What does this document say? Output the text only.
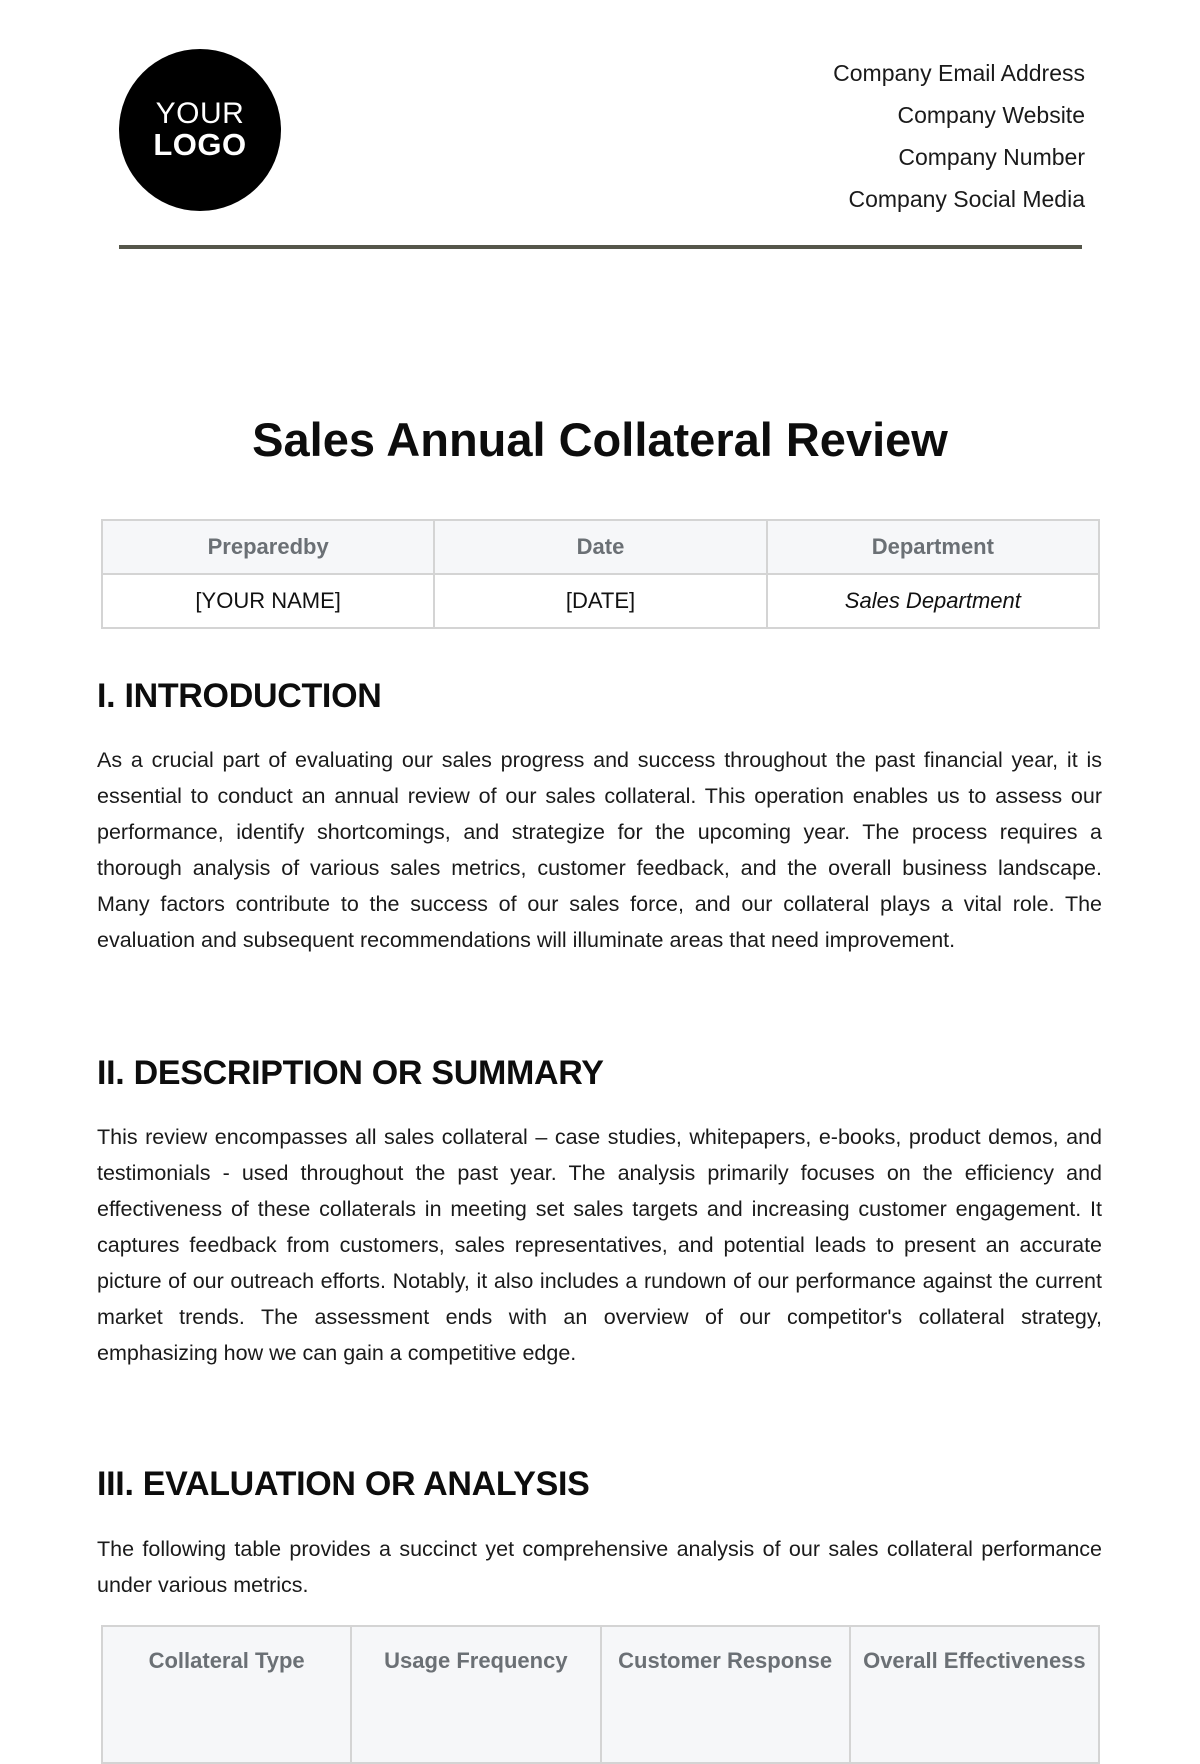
YOUR
LOGO
Company Email Address
Company Website
Company Number
Company Social Media
Sales Annual Collateral Review
Preparedby	Date	Department
[YOUR NAME]	[DATE]	Sales Department
I. INTRODUCTION

As a crucial part of evaluating our sales progress and success throughout the past financial year, it is essential to conduct an annual review of our sales collateral. This operation enables us to assess our performance, identify shortcomings, and strategize for the upcoming year. The process requires a thorough analysis of various sales metrics, customer feedback, and the overall business landscape. Many factors contribute to the success of our sales force, and our collateral plays a vital role. The evaluation and subsequent recommendations will illuminate areas that need improvement.

II. DESCRIPTION OR SUMMARY

This review encompasses all sales collateral – case studies, whitepapers, e-books, product demos, and testimonials - used throughout the past year. The analysis primarily focuses on the efficiency and effectiveness of these collaterals in meeting set sales targets and increasing customer engagement. It captures feedback from customers, sales representatives, and potential leads to present an accurate picture of our outreach efforts. Notably, it also includes a rundown of our performance against the current market trends. The assessment ends with an overview of our competitor's collateral strategy, emphasizing how we can gain a competitive edge.

III. EVALUATION OR ANALYSIS

The following table provides a succinct yet comprehensive analysis of our sales collateral performance under various metrics.

Collateral Type	Usage Frequency	Customer Response	Overall Effectiveness
